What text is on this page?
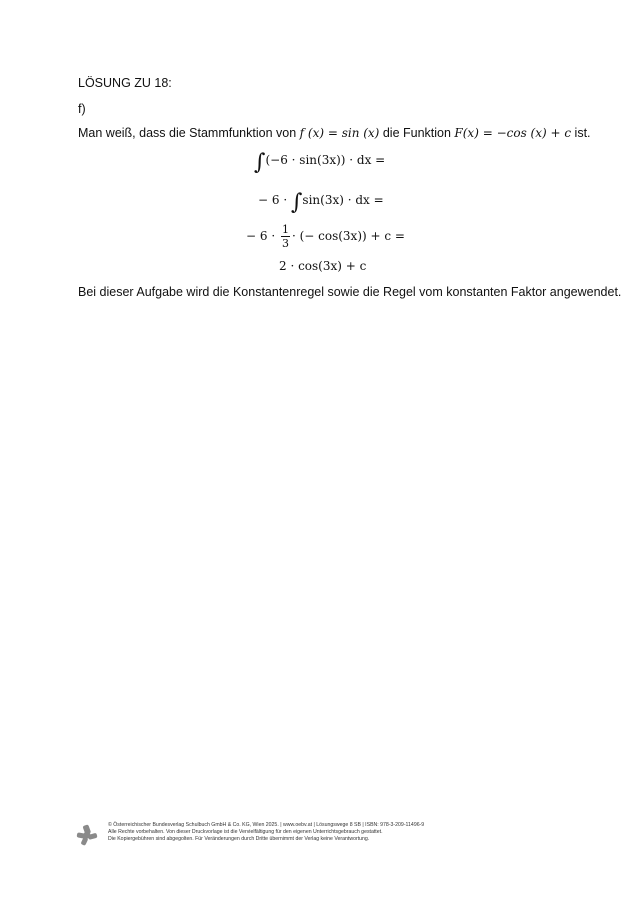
LÖSUNG ZU 18:
f)
Man weiß, dass die Stammfunktion von f (x) = sin (x) die Funktion F(x) = −cos (x) + c ist.
∫(−6 · sin(3x)) · dx =
− 6 · ∫sin(3x) · dx =
− $6 \cdot \frac{1}{3}$ · (− cos(3x)) + c =
2 · cos(3x) + c
Bei dieser Aufgabe wird die Konstantenregel sowie die Regel vom konstanten Faktor angewendet.
© Österreichischer Bundesverlag Schulbuch GmbH & Co. KG, Wien 2025. | www.oebv.at | Lösungswege 8 SB | ISBN: 978-3-209-11496-9
Alle Rechte vorbehalten. Von dieser Druckvorlage ist die Vervielfältigung für den eigenen Unterrichtsgebrauch gestattet.
Die Kopiergebühren sind abgegolten. Für Veränderungen durch Dritte übernimmt der Verlag keine Verantwortung.
